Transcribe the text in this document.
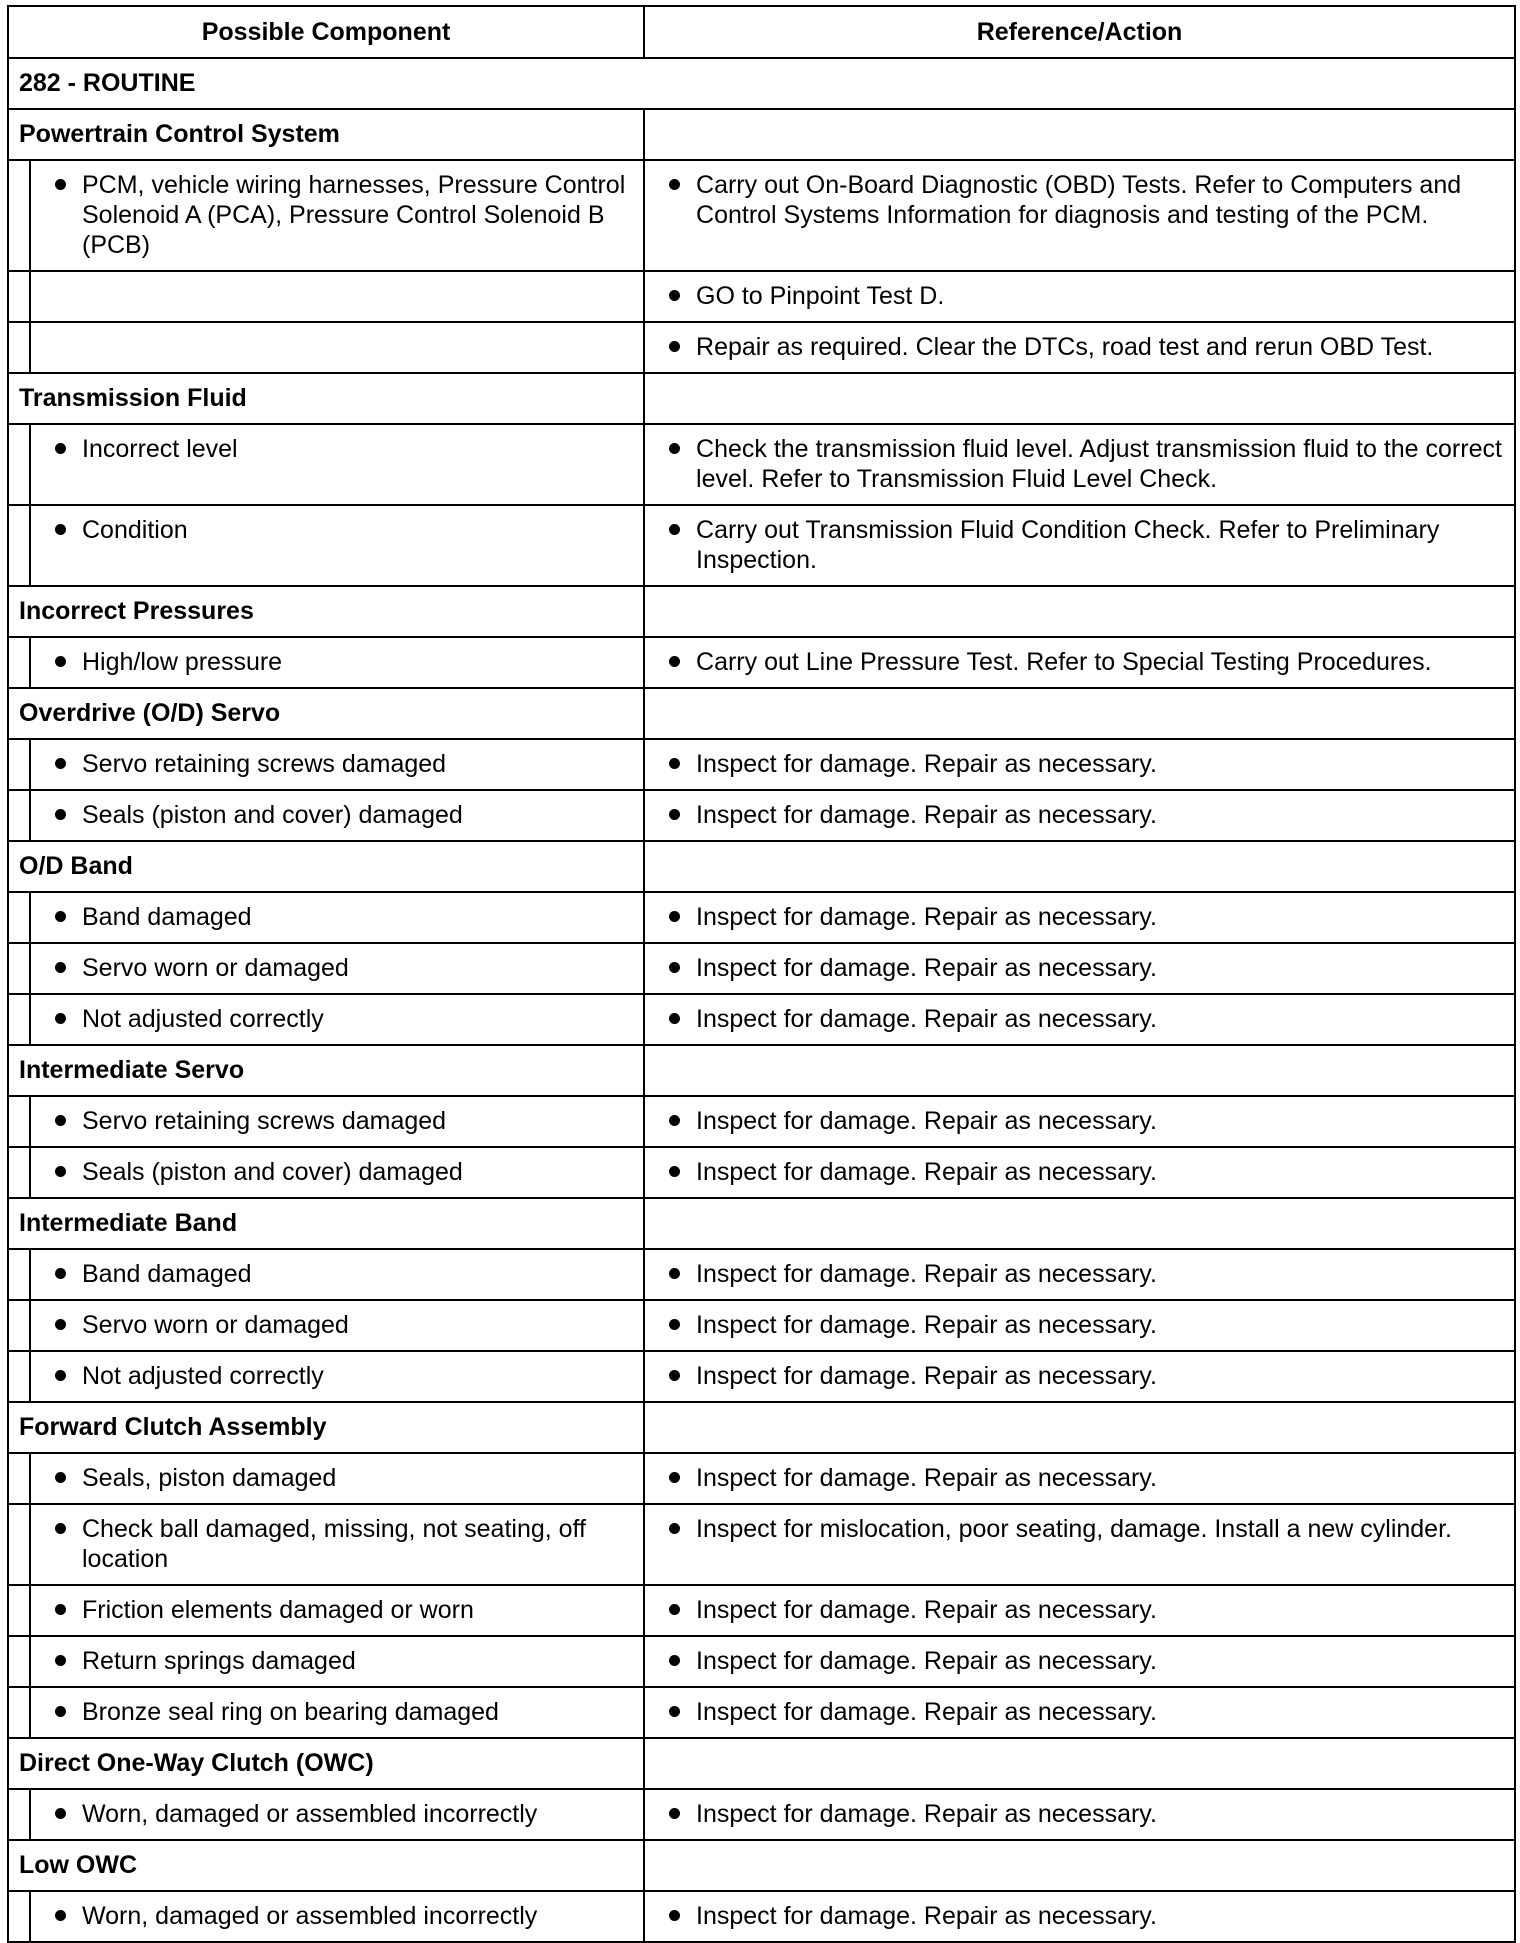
Possible Component		Reference/Action
282 - ROUTINE		
Powertrain Control System		

	PCM, vehicle wiring harnesses, Pressure Control Solenoid A (PCA), Pressure Control Solenoid B (PCB)	Carry out On-Board Diagnostic (OBD) Tests. Refer to Computers and Control Systems Information for diagnosis and testing of the PCM.

		GO to Pinpoint Test D.

		Repair as required. Clear the DTCs, road test and rerun OBD Test.

Transmission Fluid		

	Incorrect level	Check the transmission fluid level. Adjust transmission fluid to the correct level. Refer to Transmission Fluid Level Check.

	Condition	Carry out Transmission Fluid Condition Check. Refer to Preliminary Inspection.

Incorrect Pressures		

	High/low pressure	Carry out Line Pressure Test. Refer to Special Testing Procedures.

Overdrive (O/D) Servo		

	Servo retaining screws damaged	Inspect for damage. Repair as necessary.

	Seals (piston and cover) damaged	Inspect for damage. Repair as necessary.

O/D Band		

	Band damaged	Inspect for damage. Repair as necessary.

	Servo worn or damaged	Inspect for damage. Repair as necessary.

	Not adjusted correctly	Inspect for damage. Repair as necessary.

Intermediate Servo		

	Servo retaining screws damaged	Inspect for damage. Repair as necessary.

	Seals (piston and cover) damaged	Inspect for damage. Repair as necessary.

Intermediate Band		

	Band damaged	Inspect for damage. Repair as necessary.

	Servo worn or damaged	Inspect for damage. Repair as necessary.

	Not adjusted correctly	Inspect for damage. Repair as necessary.

Forward Clutch Assembly		

	Seals, piston damaged	Inspect for damage. Repair as necessary.

	Check ball damaged, missing, not seating, off location	Inspect for mislocation, poor seating, damage. Install a new cylinder.

	Friction elements damaged or worn	Inspect for damage. Repair as necessary.

	Return springs damaged	Inspect for damage. Repair as necessary.

	Bronze seal ring on bearing damaged	Inspect for damage. Repair as necessary.

Direct One-Way Clutch (OWC)		

	Worn, damaged or assembled incorrectly	Inspect for damage. Repair as necessary.

Low OWC		

	Worn, damaged or assembled incorrectly	Inspect for damage. Repair as necessary.
